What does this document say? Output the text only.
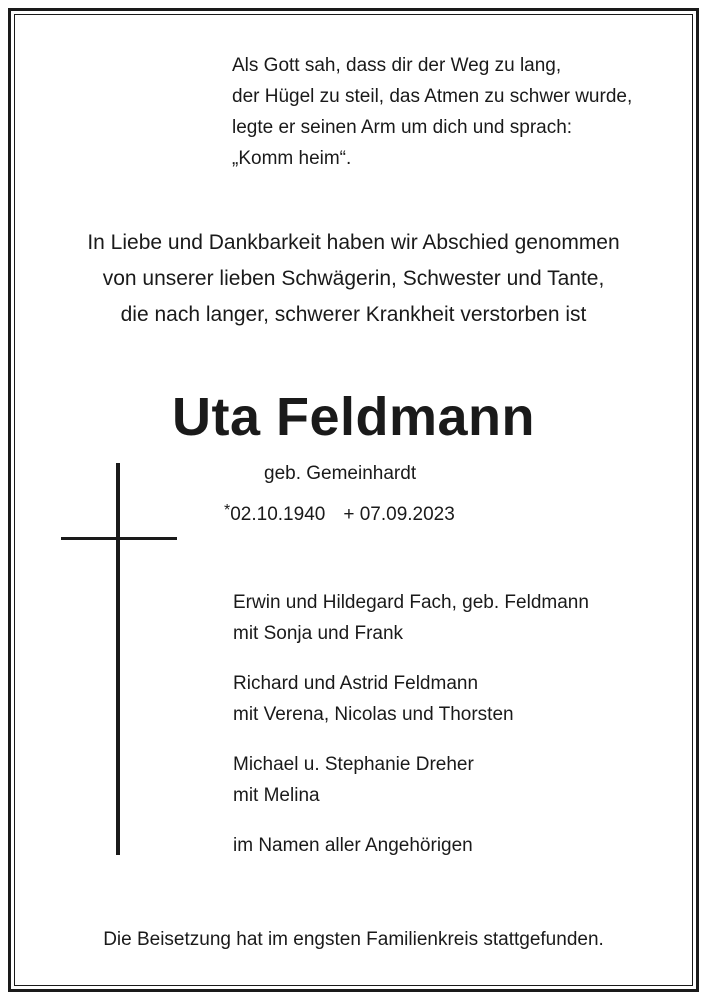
Als Gott sah, dass dir der Weg zu lang,
der Hügel zu steil, das Atmen zu schwer wurde,
legte er seinen Arm um dich und sprach:
„Komm heim“.
In Liebe und Dankbarkeit haben wir Abschied genommen
von unserer lieben Schwägerin, Schwester und Tante,
die nach langer, schwerer Krankheit verstorben ist
Uta Feldmann
geb. Gemeinhardt
*02.10.1940 + 07.09.2023
Erwin und Hildegard Fach, geb. Feldmann
mit Sonja und Frank
Richard und Astrid Feldmann
mit Verena, Nicolas und Thorsten
Michael u. Stephanie Dreher
mit Melina
im Namen aller Angehörigen
Die Beisetzung hat im engsten Familienkreis stattgefunden.
